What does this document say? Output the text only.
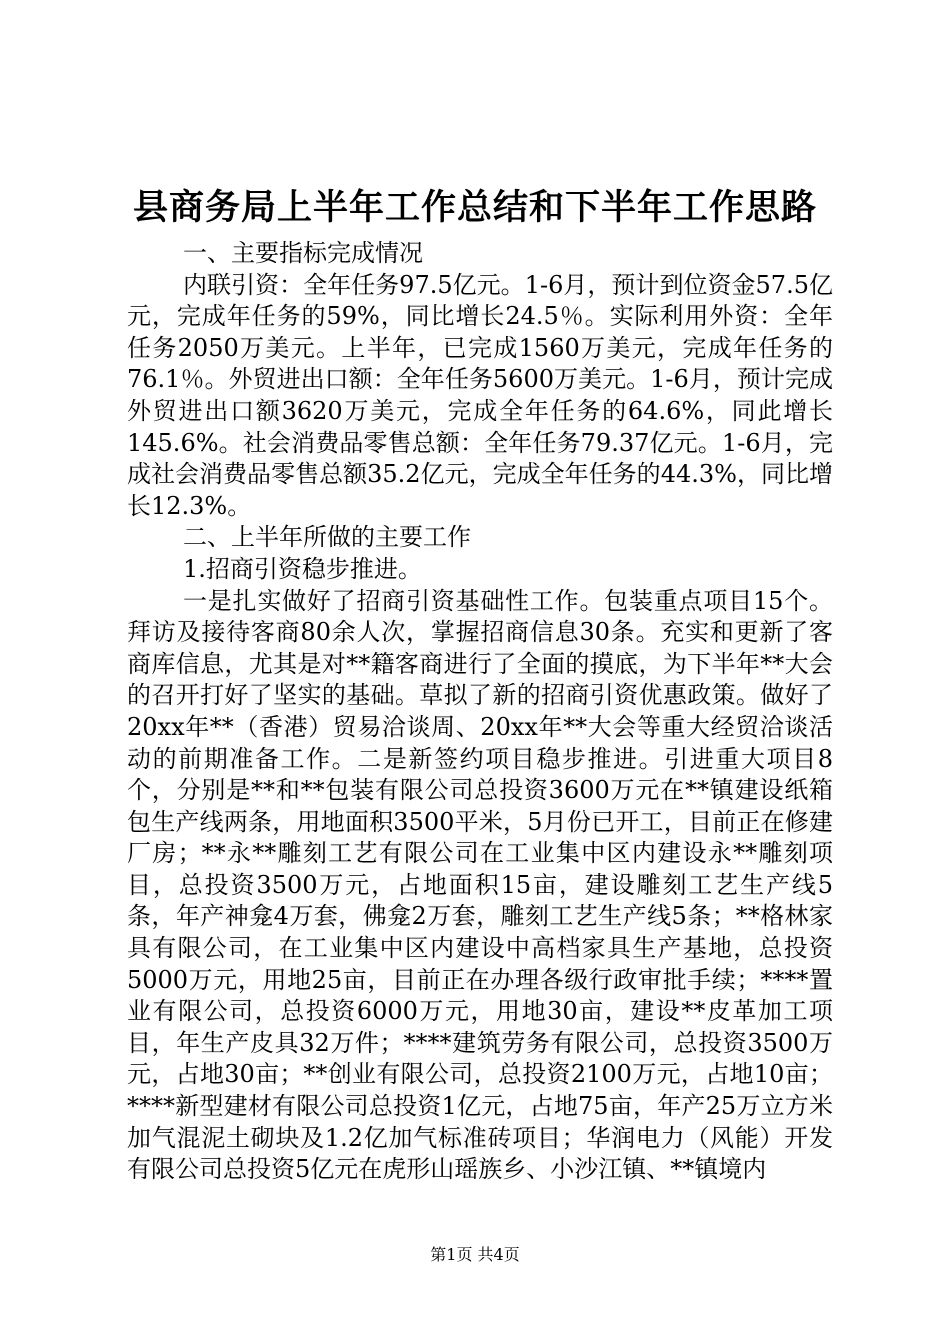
县商务局上半年工作总结和下半年工作思路

一、主要指标完成情况

内联引资：全年任务97.5亿元。1-6月，预计到位资金57.5亿元，完成年任务的59%，同比增长24.5％。实际利用外资：全年任务2050万美元。上半年，已完成1560万美元，完成年任务的76.1％。外贸进出口额：全年任务5600万美元。1-6月，预计完成外贸进出口额3620万美元，完成全年任务的64.6%，同此增长145.6%。社会消费品零售总额：全年任务79.37亿元。1-6月，完成社会消费品零售总额35.2亿元，完成全年任务的44.3%，同比增长12.3%。

二、上半年所做的主要工作

1.招商引资稳步推进。

一是扎实做好了招商引资基础性工作。包装重点项目15个。拜访及接待客商80余人次，掌握招商信息30条。充实和更新了客商库信息，尤其是对**籍客商进行了全面的摸底，为下半年**大会的召开打好了坚实的基础。草拟了新的招商引资优惠政策。做好了20xx年**（香港）贸易洽谈周、20xx年**大会等重大经贸洽谈活动的前期准备工作。二是新签约项目稳步推进。引进重大项目8个，分别是**和**包装有限公司总投资3600万元在**镇建设纸箱包生产线两条，用地面积3500平米，5月份已开工，目前正在修建厂房；**永**雕刻工艺有限公司在工业集中区内建设永**雕刻项目，总投资3500万元，占地面积15亩，建设雕刻工艺生产线5条，年产神龛4万套，佛龛2万套，雕刻工艺生产线5条；**格林家具有限公司，在工业集中区内建设中高档家具生产基地，总投资5000万元，用地25亩，目前正在办理各级行政审批手续；****置业有限公司，总投资6000万元，用地30亩，建设**皮革加工项目，年生产皮具32万件；****建筑劳务有限公司，总投资3500万元，占地30亩；**创业有限公司，总投资2100万元，占地10亩；****新型建材有限公司总投资1亿元，占地75亩，年产25万立方米加气混泥土砌块及1.2亿加气标准砖项目；华润电力（风能）开发有限公司总投资5亿元在虎形山瑶族乡、小沙江镇、**镇境内

第1页 共4页
